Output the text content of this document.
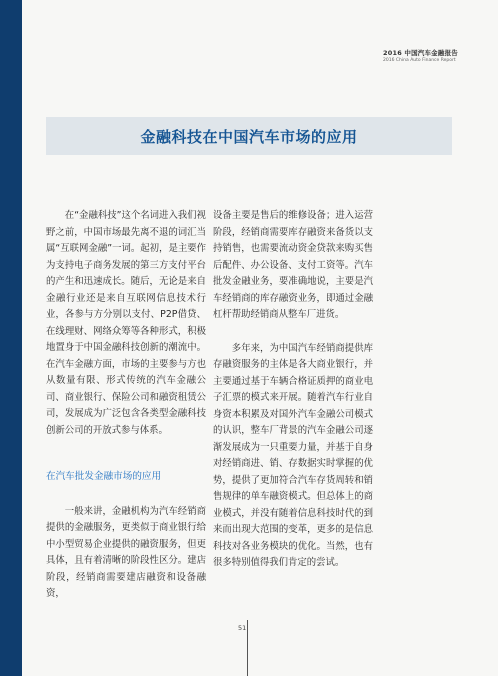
2016 中国汽车金融报告
2016 China Auto Finance Report
金融科技在中国汽车市场的应用

在“金融科技”这个名词进入我们视野之前，中国市场最先离不退的词汇当属“互联网金融”一词。起初，是主要作为支持电子商务发展的第三方支付平台的产生和迅速成长。随后，无论是来自金融行业还是来自互联网信息技术行业，各参与方分别以支付、P2P借贷、在线理财、网络众筹等各种形式，积极地置身于中国金融科技创新的潮流中。在汽车金融方面，市场的主要参与方也从数量有限、形式传统的汽车金融公司、商业银行、保险公司和融资租赁公司，发展成为广泛包含各类型金融科技创新公司的开放式参与体系。

在汽车批发金融市场的应用

一般来讲，金融机构为汽车经销商提供的金融服务，更类似于商业银行给中小型贸易企业提供的融资服务，但更具体，且有着清晰的阶段性区分。建店阶段，经销商需要建店融资和设备融资，

设备主要是售后的维修设备；进入运营阶段，经销商需要库存融资来备货以支持销售，也需要流动资金贷款来购买售后配件、办公设备、支付工资等。汽车批发金融业务，要准确地说，主要是汽车经销商的库存融资业务，即通过金融杠杆帮助经销商从整车厂进货。

多年来，为中国汽车经销商提供库存融资服务的主体是各大商业银行，并主要通过基于车辆合格证质押的商业电子汇票的模式来开展。随着汽车行业自身资本积累及对国外汽车金融公司模式的认识，整车厂背景的汽车金融公司逐渐发展成为一只重要力量，并基于自身对经销商进、销、存数据实时掌握的优势，提供了更加符合汽车存货周转和销售规律的单车融资模式。但总体上的商业模式，并没有随着信息科技时代的到来而出现大范围的变革，更多的是信息科技对各业务模块的优化。当然，也有很多特别值得我们肯定的尝试。

51
